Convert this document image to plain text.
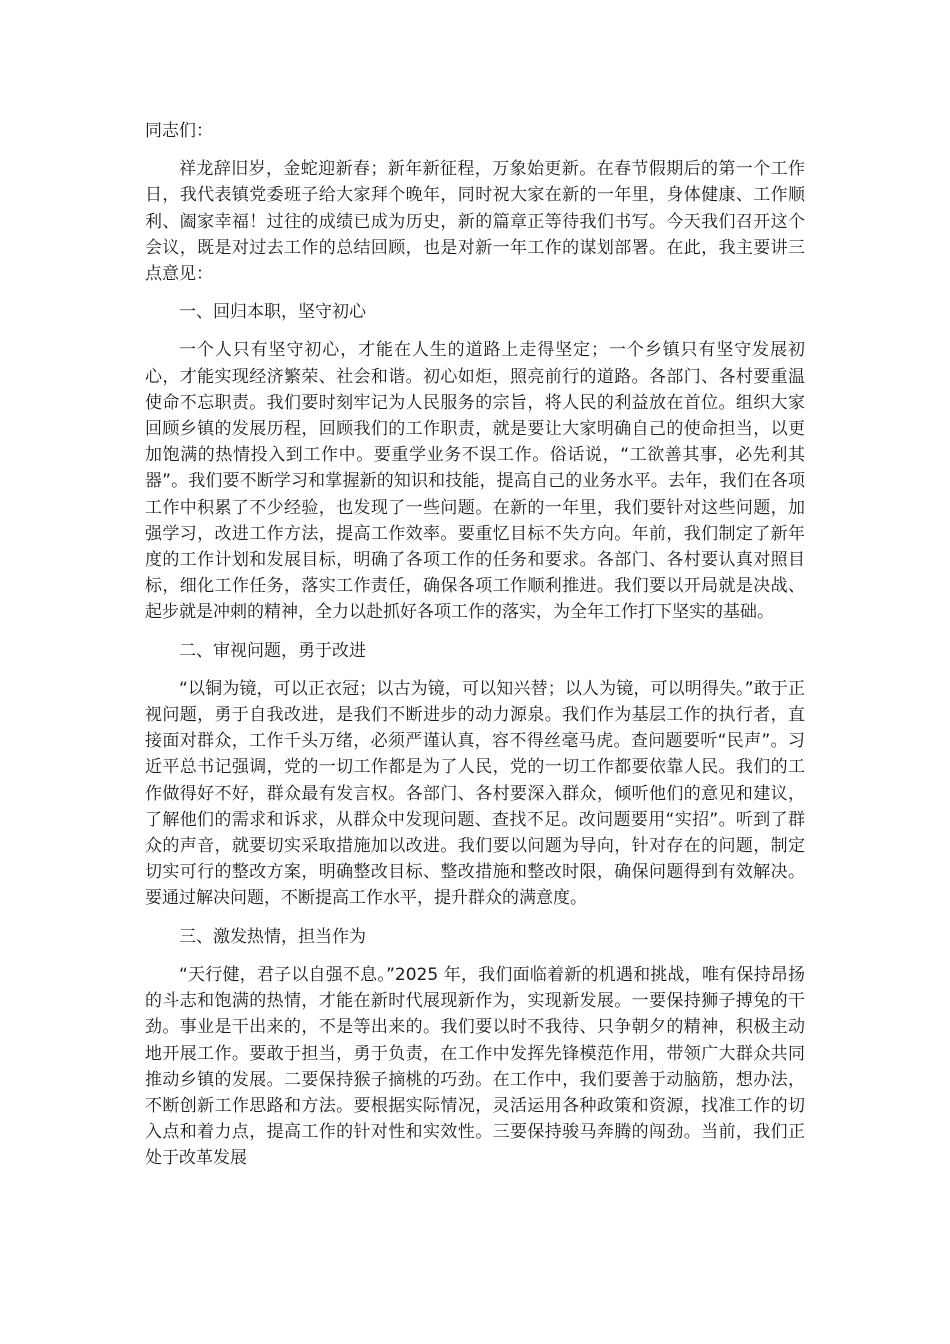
同志们：

祥龙辞旧岁，金蛇迎新春；新年新征程，万象始更新。在春节假期后的第一个工作日，我代表镇党委班子给大家拜个晚年，同时祝大家在新的一年里，身体健康、工作顺利、阖家幸福！过往的成绩已成为历史，新的篇章正等待我们书写。今天我们召开这个会议，既是对过去工作的总结回顾，也是对新一年工作的谋划部署。在此，我主要讲三点意见：

一、回归本职，坚守初心

一个人只有坚守初心，才能在人生的道路上走得坚定；一个乡镇只有坚守发展初心，才能实现经济繁荣、社会和谐。初心如炬，照亮前行的道路。各部门、各村要重温使命不忘职责。我们要时刻牢记为人民服务的宗旨，将人民的利益放在首位。组织大家回顾乡镇的发展历程，回顾我们的工作职责，就是要让大家明确自己的使命担当，以更加饱满的热情投入到工作中。要重学业务不误工作。俗话说，“工欲善其事，必先利其器”。我们要不断学习和掌握新的知识和技能，提高自己的业务水平。去年，我们在各项工作中积累了不少经验，也发现了一些问题。在新的一年里，我们要针对这些问题，加强学习，改进工作方法，提高工作效率。要重忆目标不失方向。年前，我们制定了新年度的工作计划和发展目标，明确了各项工作的任务和要求。各部门、各村要认真对照目标，细化工作任务，落实工作责任，确保各项工作顺利推进。我们要以开局就是决战、起步就是冲刺的精神，全力以赴抓好各项工作的落实，为全年工作打下坚实的基础。

二、审视问题，勇于改进

“以铜为镜，可以正衣冠；以古为镜，可以知兴替；以人为镜，可以明得失。”敢于正视问题，勇于自我改进，是我们不断进步的动力源泉。我们作为基层工作的执行者，直接面对群众，工作千头万绪，必须严谨认真，容不得丝毫马虎。查问题要听“民声”。习近平总书记强调，党的一切工作都是为了人民，党的一切工作都要依靠人民。我们的工作做得好不好，群众最有发言权。各部门、各村要深入群众，倾听他们的意见和建议，了解他们的需求和诉求，从群众中发现问题、查找不足。改问题要用“实招”。听到了群众的声音，就要切实采取措施加以改进。我们要以问题为导向，针对存在的问题，制定切实可行的整改方案，明确整改目标、整改措施和整改时限，确保问题得到有效解决。要通过解决问题，不断提高工作水平，提升群众的满意度。

三、激发热情，担当作为

“天行健，君子以自强不息。”2025 年，我们面临着新的机遇和挑战，唯有保持昂扬的斗志和饱满的热情，才能在新时代展现新作为，实现新发展。一要保持狮子搏兔的干劲。事业是干出来的，不是等出来的。我们要以时不我待、只争朝夕的精神，积极主动地开展工作。要敢于担当，勇于负责，在工作中发挥先锋模范作用，带领广大群众共同推动乡镇的发展。二要保持猴子摘桃的巧劲。在工作中，我们要善于动脑筋，想办法，不断创新工作思路和方法。要根据实际情况，灵活运用各种政策和资源，找准工作的切入点和着力点，提高工作的针对性和实效性。三要保持骏马奔腾的闯劲。当前，我们正处于改革发展
